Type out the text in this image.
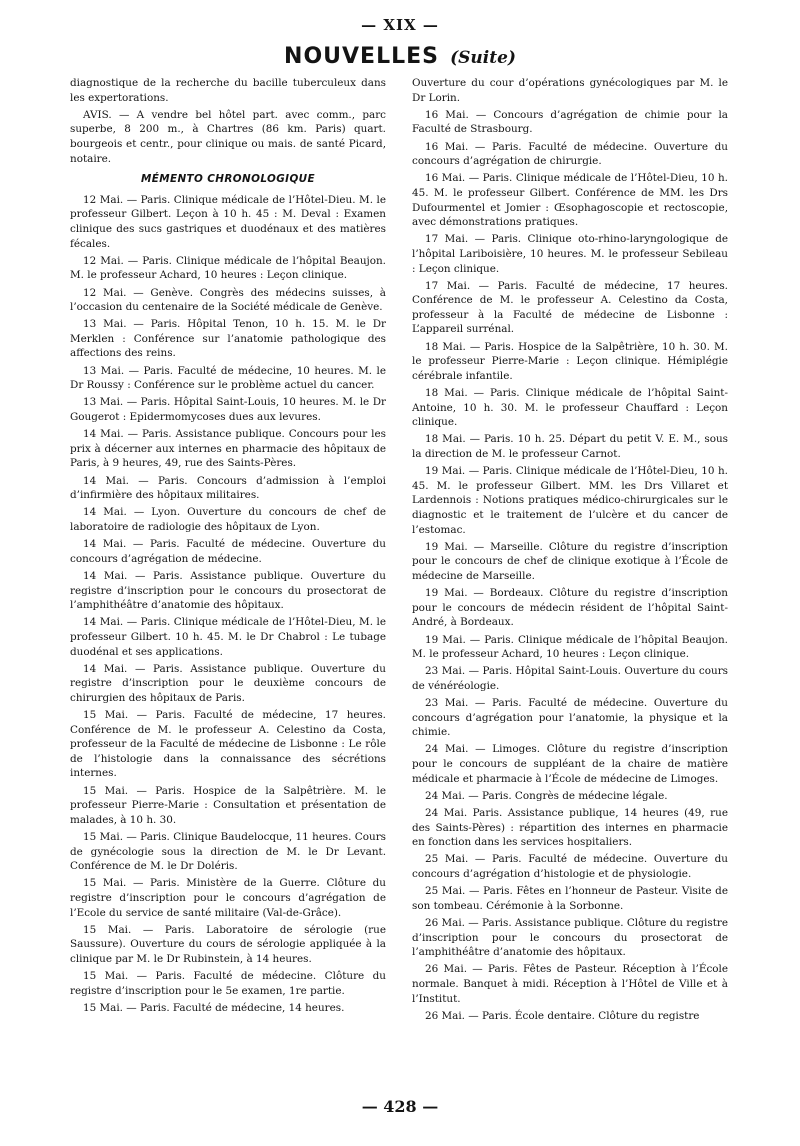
— XIX —
NOUVELLES (Suite)

diagnostique de la recherche du bacille tuberculeux dans les expertorations.

AVIS. — A vendre bel hôtel part. avec comm., parc superbe, 8 200 m., à Chartres (86 km. Paris) quart. bourgeois et centr., pour clinique ou mais. de santé Picard, notaire.

MÉMENTO CHRONOLOGIQUE

12 Mai. — Paris. Clinique médicale de l’Hôtel-Dieu. M. le professeur Gilbert. Leçon à 10 h. 45 : M. Deval : Examen clinique des sucs gastriques et duodénaux et des matières fécales.

12 Mai. — Paris. Clinique médicale de l’hôpital Beaujon. M. le professeur Achard, 10 heures : Leçon clinique.

12 Mai. — Genève. Congrès des médecins suisses, à l’occasion du centenaire de la Société médicale de Genève.

13 Mai. — Paris. Hôpital Tenon, 10 h. 15. M. le Dr Merklen : Conférence sur l’anatomie pathologique des affections des reins.

13 Mai. — Paris. Faculté de médecine, 10 heures. M. le Dr Roussy : Conférence sur le problème actuel du cancer.

13 Mai. — Paris. Hôpital Saint-Louis, 10 heures. M. le Dr Gougerot : Epidermomycoses dues aux levures.

14 Mai. — Paris. Assistance publique. Concours pour les prix à décerner aux internes en pharmacie des hôpitaux de Paris, à 9 heures, 49, rue des Saints-Pères.

14 Mai. — Paris. Concours d’admission à l’emploi d’infirmière des hôpitaux militaires.

14 Mai. — Lyon. Ouverture du concours de chef de laboratoire de radiologie des hôpitaux de Lyon.

14 Mai. — Paris. Faculté de médecine. Ouverture du concours d’agrégation de médecine.

14 Mai. — Paris. Assistance publique. Ouverture du registre d’inscription pour le concours du prosectorat de l’amphithéâtre d’anatomie des hôpitaux.

14 Mai. — Paris. Clinique médicale de l’Hôtel-Dieu, M. le professeur Gilbert. 10 h. 45. M. le Dr Chabrol : Le tubage duodénal et ses applications.

14 Mai. — Paris. Assistance publique. Ouverture du registre d’inscription pour le deuxième concours de chirurgien des hôpitaux de Paris.

15 Mai. — Paris. Faculté de médecine, 17 heures. Conférence de M. le professeur A. Celestino da Costa, professeur de la Faculté de médecine de Lisbonne : Le rôle de l’histologie dans la connaissance des sécrétions internes.

15 Mai. — Paris. Hospice de la Salpêtrière. M. le professeur Pierre-Marie : Consultation et présentation de malades, à 10 h. 30.

15 Mai. — Paris. Clinique Baudelocque, 11 heures. Cours de gynécologie sous la direction de M. le Dr Levant. Conférence de M. le Dr Doléris.

15 Mai. — Paris. Ministère de la Guerre. Clôture du registre d’inscription pour le concours d’agrégation de l’Ecole du service de santé militaire (Val-de-Grâce).

15 Mai. — Paris. Laboratoire de sérologie (rue Saussure). Ouverture du cours de sérologie appliquée à la clinique par M. le Dr Rubinstein, à 14 heures.

15 Mai. — Paris. Faculté de médecine. Clôture du registre d’inscription pour le 5e examen, 1re partie.

15 Mai. — Paris. Faculté de médecine, 14 heures.

Ouverture du cour d’opérations gynécologiques par M. le Dr Lorin.

16 Mai. — Concours d’agrégation de chimie pour la Faculté de Strasbourg.

16 Mai. — Paris. Faculté de médecine. Ouverture du concours d’agrégation de chirurgie.

16 Mai. — Paris. Clinique médicale de l’Hôtel-Dieu, 10 h. 45. M. le professeur Gilbert. Conférence de MM. les Drs Dufourmentel et Jomier : Œsophagoscopie et rectoscopie, avec démonstrations pratiques.

17 Mai. — Paris. Clinique oto-rhino-laryngologique de l’hôpital Lariboisière, 10 heures. M. le professeur Sebileau : Leçon clinique.

17 Mai. — Paris. Faculté de médecine, 17 heures. Conférence de M. le professeur A. Celestino da Costa, professeur à la Faculté de médecine de Lisbonne : L’appareil surrénal.

18 Mai. — Paris. Hospice de la Salpêtrière, 10 h. 30. M. le professeur Pierre-Marie : Leçon clinique. Hémiplégie cérébrale infantile.

18 Mai. — Paris. Clinique médicale de l’hôpital Saint-Antoine, 10 h. 30. M. le professeur Chauffard : Leçon clinique.

18 Mai. — Paris. 10 h. 25. Départ du petit V. E. M., sous la direction de M. le professeur Carnot.

19 Mai. — Paris. Clinique médicale de l’Hôtel-Dieu, 10 h. 45. M. le professeur Gilbert. MM. les Drs Villaret et Lardennois : Notions pratiques médico-chirurgicales sur le diagnostic et le traitement de l’ulcère et du cancer de l’estomac.

19 Mai. — Marseille. Clôture du registre d’inscription pour le concours de chef de clinique exotique à l’École de médecine de Marseille.

19 Mai. — Bordeaux. Clôture du registre d’inscription pour le concours de médecin résident de l’hôpital Saint-André, à Bordeaux.

19 Mai. — Paris. Clinique médicale de l’hôpital Beaujon. M. le professeur Achard, 10 heures : Leçon clinique.

23 Mai. — Paris. Hôpital Saint-Louis. Ouverture du cours de vénéréologie.

23 Mai. — Paris. Faculté de médecine. Ouverture du concours d’agrégation pour l’anatomie, la physique et la chimie.

24 Mai. — Limoges. Clôture du registre d’inscription pour le concours de suppléant de la chaire de matière médicale et pharmacie à l’École de médecine de Limoges.

24 Mai. — Paris. Congrès de médecine légale.

24 Mai. Paris. Assistance publique, 14 heures (49, rue des Saints-Pères) : répartition des internes en pharmacie en fonction dans les services hospitaliers.

25 Mai. — Paris. Faculté de médecine. Ouverture du concours d’agrégation d’histologie et de physiologie.

25 Mai. — Paris. Fêtes en l’honneur de Pasteur. Visite de son tombeau. Cérémonie à la Sorbonne.

26 Mai. — Paris. Assistance publique. Clôture du registre d’inscription pour le concours du prosectorat de l’amphithéâtre d’anatomie des hôpitaux.

26 Mai. — Paris. Fêtes de Pasteur. Réception à l’École normale. Banquet à midi. Réception à l’Hôtel de Ville et à l’Institut.

26 Mai. — Paris. École dentaire. Clôture du registre

— 428 —
